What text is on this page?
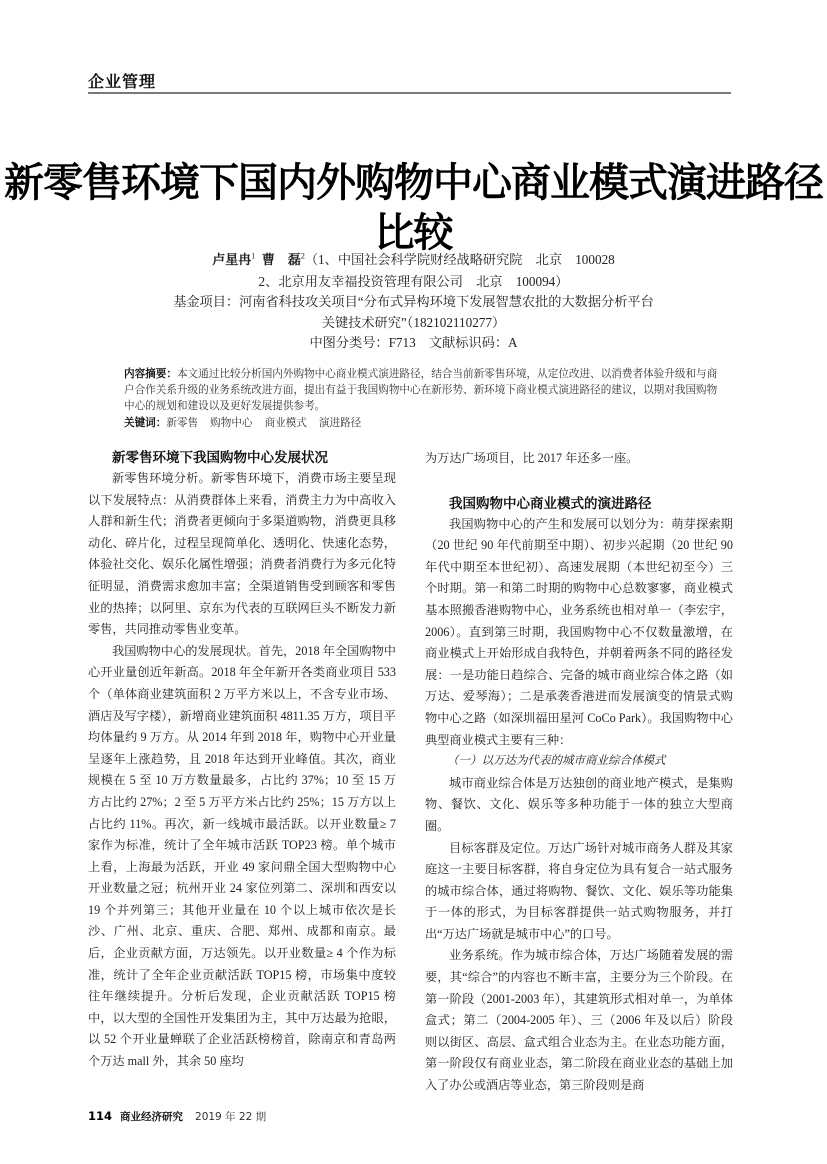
企业管理
新零售环境下国内外购物中心商业模式演进路径比较
卢星冉$^1$ 曹　磊$^2$（1、中国社会科学院财经战略研究院　北京　100028
2、北京用友幸福投资管理有限公司　北京　100094）
基金项目：河南省科技攻关项目“分布式异构环境下发展智慧农批的大数据分析平台
关键技术研究”（182102110277）
中图分类号：F713　文献标识码：A
内容摘要：本文通过比较分析国内外购物中心商业模式演进路径，结合当前新零售环境，从定位改进、以消费者体验升级和与商户合作关系升级的业务系统改进方面，提出有益于我国购物中心在新形势、新环境下商业模式演进路径的建议，以期对我国购物中心的规划和建设以及更好发展提供参考。
关键词：新零售 购物中心 商业模式 演进路径
新零售环境下我国购物中心发展状况

新零售环境分析。新零售环境下，消费市场主要呈现以下发展特点：从消费群体上来看，消费主力为中高收入人群和新生代；消费者更倾向于多渠道购物，消费更具移动化、碎片化，过程呈现简单化、透明化、快速化态势，体验社交化、娱乐化属性增强；消费者消费行为多元化特征明显，消费需求愈加丰富；全渠道销售受到顾客和零售业的热捧；以阿里、京东为代表的互联网巨头不断发力新零售，共同推动零售业变革。

我国购物中心的发展现状。首先，2018 年全国购物中心开业量创近年新高。2018 年全年新开各类商业项目 533 个（单体商业建筑面积 2 万平方米以上，不含专业市场、酒店及写字楼），新增商业建筑面积 4811.35 万方，项目平均体量约 9 万方。从 2014 年到 2018 年，购物中心开业量呈逐年上涨趋势，且 2018 年达到开业峰值。其次，商业规模在 5 至 10 万方数量最多，占比约 37%；10 至 15 万方占比约 27%；2 至 5 万平方米占比约 25%；15 万方以上占比约 11%。再次，新一线城市最活跃。以开业数量≥ 7 家作为标准，统计了全年城市活跃 TOP23 榜。单个城市上看，上海最为活跃，开业 49 家问鼎全国大型购物中心开业数量之冠；杭州开业 24 家位列第二、深圳和西安以 19 个并列第三；其他开业量在 10 个以上城市依次是长沙、广州、北京、重庆、合肥、郑州、成都和南京。最后，企业贡献方面，万达领先。以开业数量≥ 4 个作为标准，统计了全年企业贡献活跃 TOP15 榜，市场集中度较往年继续提升。分析后发现，企业贡献活跃 TOP15 榜中，以大型的全国性开发集团为主，其中万达最为抢眼，以 52 个开业量蝉联了企业活跃榜榜首，除南京和青岛两个万达 mall 外，其余 50 座均

为万达广场项目，比 2017 年还多一座。

我国购物中心商业模式的演进路径

我国购物中心的产生和发展可以划分为：萌芽探索期（20 世纪 90 年代前期至中期）、初步兴起期（20 世纪 90 年代中期至本世纪初）、高速发展期（本世纪初至今）三个时期。第一和第二时期的购物中心总数寥寥，商业模式基本照搬香港购物中心，业务系统也相对单一（李宏宇，2006）。直到第三时期，我国购物中心不仅数量激增，在商业模式上开始形成自我特色，并朝着两条不同的路径发展：一是功能日趋综合、完备的城市商业综合体之路（如万达、爱琴海）；二是承袭香港进而发展演变的情景式购物中心之路（如深圳福田星河 CoCo Park）。我国购物中心典型商业模式主要有三种：

（一）以万达为代表的城市商业综合体模式

城市商业综合体是万达独创的商业地产模式，是集购物、餐饮、文化、娱乐等多种功能于一体的独立大型商圈。

目标客群及定位。万达广场针对城市商务人群及其家庭这一主要目标客群，将自身定位为具有复合一站式服务的城市综合体，通过将购物、餐饮、文化、娱乐等功能集于一体的形式，为目标客群提供一站式购物服务，并打出“万达广场就是城市中心”的口号。

业务系统。作为城市综合体，万达广场随着发展的需要，其“综合”的内容也不断丰富，主要分为三个阶段。在第一阶段（2001-2003 年），其建筑形式相对单一，为单体盒式；第二（2004-2005 年）、三（2006 年及以后）阶段则以街区、高层、盒式组合业态为主。在业态功能方面，第一阶段仅有商业业态，第二阶段在商业业态的基础上加入了办公或酒店等业态，第三阶段则是商

114 商业经济研究 2019 年 22 期
